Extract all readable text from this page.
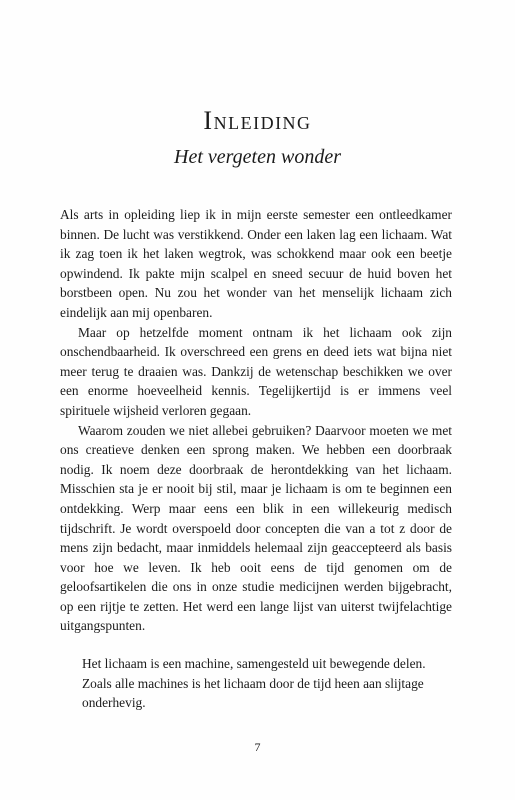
Inleiding
Het vergeten wonder

Als arts in opleiding liep ik in mijn eerste semester een ontleedkamer binnen. De lucht was verstikkend. Onder een laken lag een lichaam. Wat ik zag toen ik het laken wegtrok, was schokkend maar ook een beetje opwindend. Ik pakte mijn scalpel en sneed secuur de huid boven het borstbeen open. Nu zou het wonder van het menselijk lichaam zich eindelijk aan mij openbaren.

Maar op hetzelfde moment ontnam ik het lichaam ook zijn onschendbaarheid. Ik overschreed een grens en deed iets wat bijna niet meer terug te draaien was. Dankzij de wetenschap beschikken we over een enorme hoeveelheid kennis. Tegelijkertijd is er immens veel spirituele wijsheid verloren gegaan.

Waarom zouden we niet allebei gebruiken? Daarvoor moeten we met ons creatieve denken een sprong maken. We hebben een doorbraak nodig. Ik noem deze doorbraak de herontdekking van het lichaam. Misschien sta je er nooit bij stil, maar je lichaam is om te beginnen een ontdekking. Werp maar eens een blik in een willekeurig medisch tijdschrift. Je wordt overspoeld door concepten die van a tot z door de mens zijn bedacht, maar inmiddels helemaal zijn geaccepteerd als basis voor hoe we leven. Ik heb ooit eens de tijd genomen om de geloofsartikelen die ons in onze studie medicijnen werden bijgebracht, op een rijtje te zetten. Het werd een lange lijst van uiterst twijfelachtige uitgangspunten.

Het lichaam is een machine, samengesteld uit bewegende delen. Zoals alle machines is het lichaam door de tijd heen aan slijtage onderhevig.

7
